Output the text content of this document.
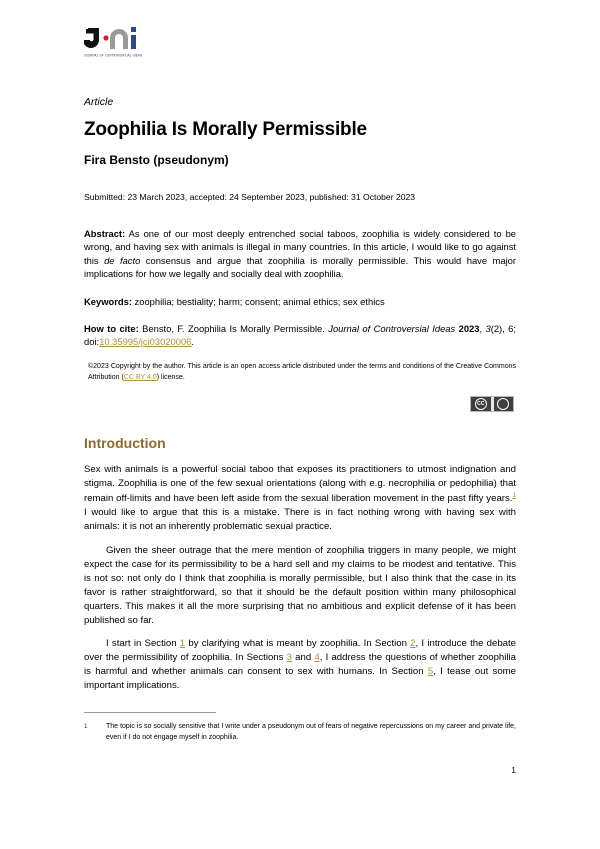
JOURNAL OF CONTROVERSIAL IDEAS
Article
Zoophilia Is Morally Permissible
Fira Bensto (pseudonym)
Submitted: 23 March 2023, accepted: 24 September 2023, published: 31 October 2023
Abstract: As one of our most deeply entrenched social taboos, zoophilia is widely considered to be wrong, and having sex with animals is illegal in many countries. In this article, I would like to go against this de facto consensus and argue that zoophilia is morally permissible. This would have major implications for how we legally and socially deal with zoophilia.
Keywords: zoophilia; bestiality; harm; consent; animal ethics; sex ethics
How to cite: Bensto, F. Zoophilia Is Morally Permissible. Journal of Controversial Ideas 2023, 3(2), 6; doi:10.35995/jci03020006.
©2023 Copyright by the author. This article is an open access article distributed under the terms and conditions of the Creative Commons Attribution (CC BY 4.0) license.
Introduction

Sex with animals is a powerful social taboo that exposes its practitioners to utmost indignation and stigma. Zoophilia is one of the few sexual orientations (along with e.g. necrophilia or pedophilia) that remain off-limits and have been left aside from the sexual liberation movement in the past fifty years.$^1$ I would like to argue that this is a mistake. There is in fact nothing wrong with having sex with animals: it is not an inherently problematic sexual practice.

Given the sheer outrage that the mere mention of zoophilia triggers in many people, we might expect the case for its permissibility to be a hard sell and my claims to be modest and tentative. This is not so: not only do I think that zoophilia is morally permissible, but I also think that the case in its favor is rather straightforward, so that it should be the default position within many philosophical quarters. This makes it all the more surprising that no ambitious and explicit defense of it has been published so far.

I start in Section 1 by clarifying what is meant by zoophilia. In Section 2, I introduce the debate over the permissibility of zoophilia. In Sections 3 and 4, I address the questions of whether zoophilia is harmful and whether animals can consent to sex with humans. In Section 5, I tease out some important implications.

CC
1	The topic is so socially sensitive that I write under a pseudonym out of fears of negative repercussions on my career and private life, even if I do not engage myself in zoophilia.
1
